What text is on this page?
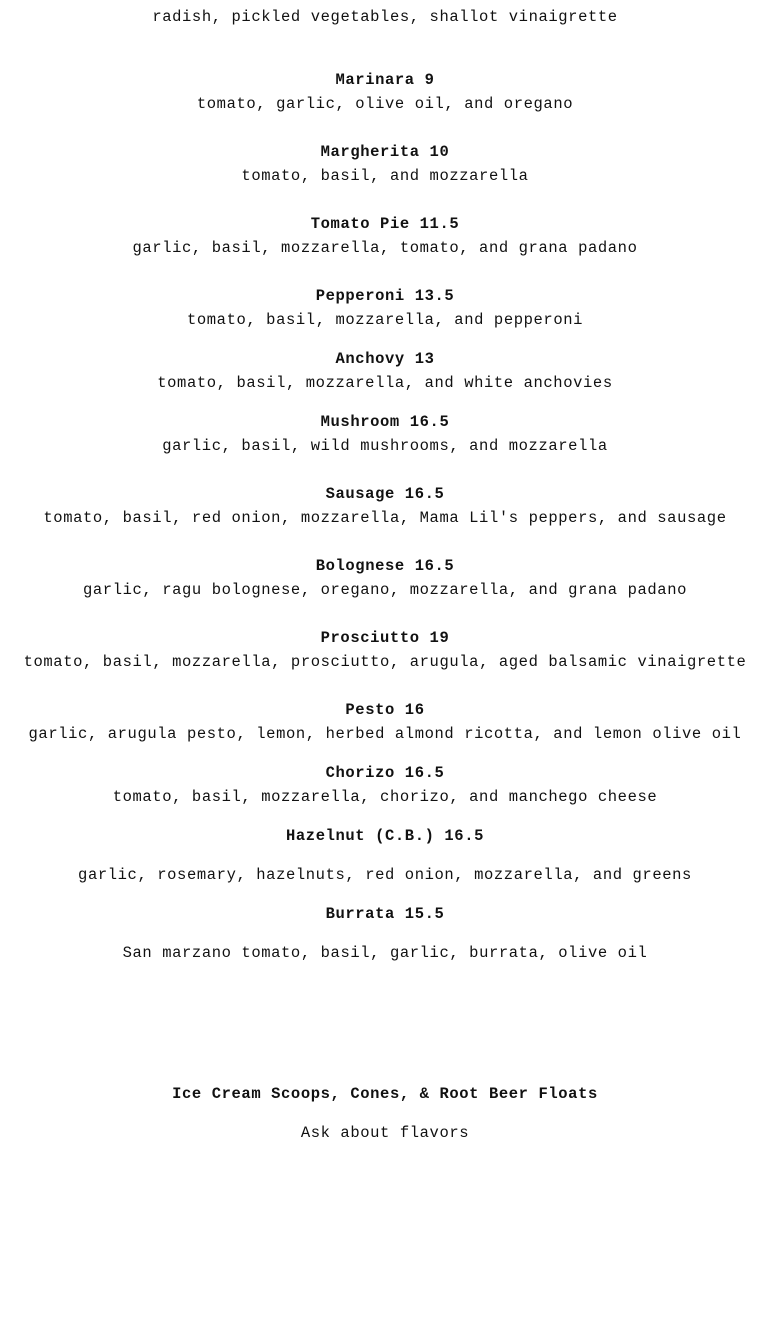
radish, pickled vegetables, shallot vinaigrette
Marinara 9
tomato, garlic, olive oil, and oregano
Margherita 10
tomato, basil, and mozzarella
Tomato Pie 11.5
garlic, basil, mozzarella, tomato, and grana padano
Pepperoni 13.5
tomato, basil, mozzarella, and pepperoni
Anchovy 13
tomato, basil, mozzarella, and white anchovies
Mushroom 16.5
garlic, basil, wild mushrooms, and mozzarella
Sausage 16.5
tomato, basil, red onion, mozzarella, Mama Lil's peppers, and sausage
Bolognese 16.5
garlic, ragu bolognese, oregano, mozzarella, and grana padano
Prosciutto 19
tomato, basil, mozzarella, prosciutto, arugula, aged balsamic vinaigrette
Pesto 16
garlic, arugula pesto, lemon, herbed almond ricotta, and lemon olive oil
Chorizo 16.5
tomato, basil, mozzarella, chorizo, and manchego cheese
Hazelnut (C.B.) 16.5
garlic, rosemary, hazelnuts, red onion, mozzarella, and greens
Burrata 15.5
San marzano tomato, basil, garlic, burrata, olive oil
Ice Cream Scoops, Cones, & Root Beer Floats
Ask about flavors
